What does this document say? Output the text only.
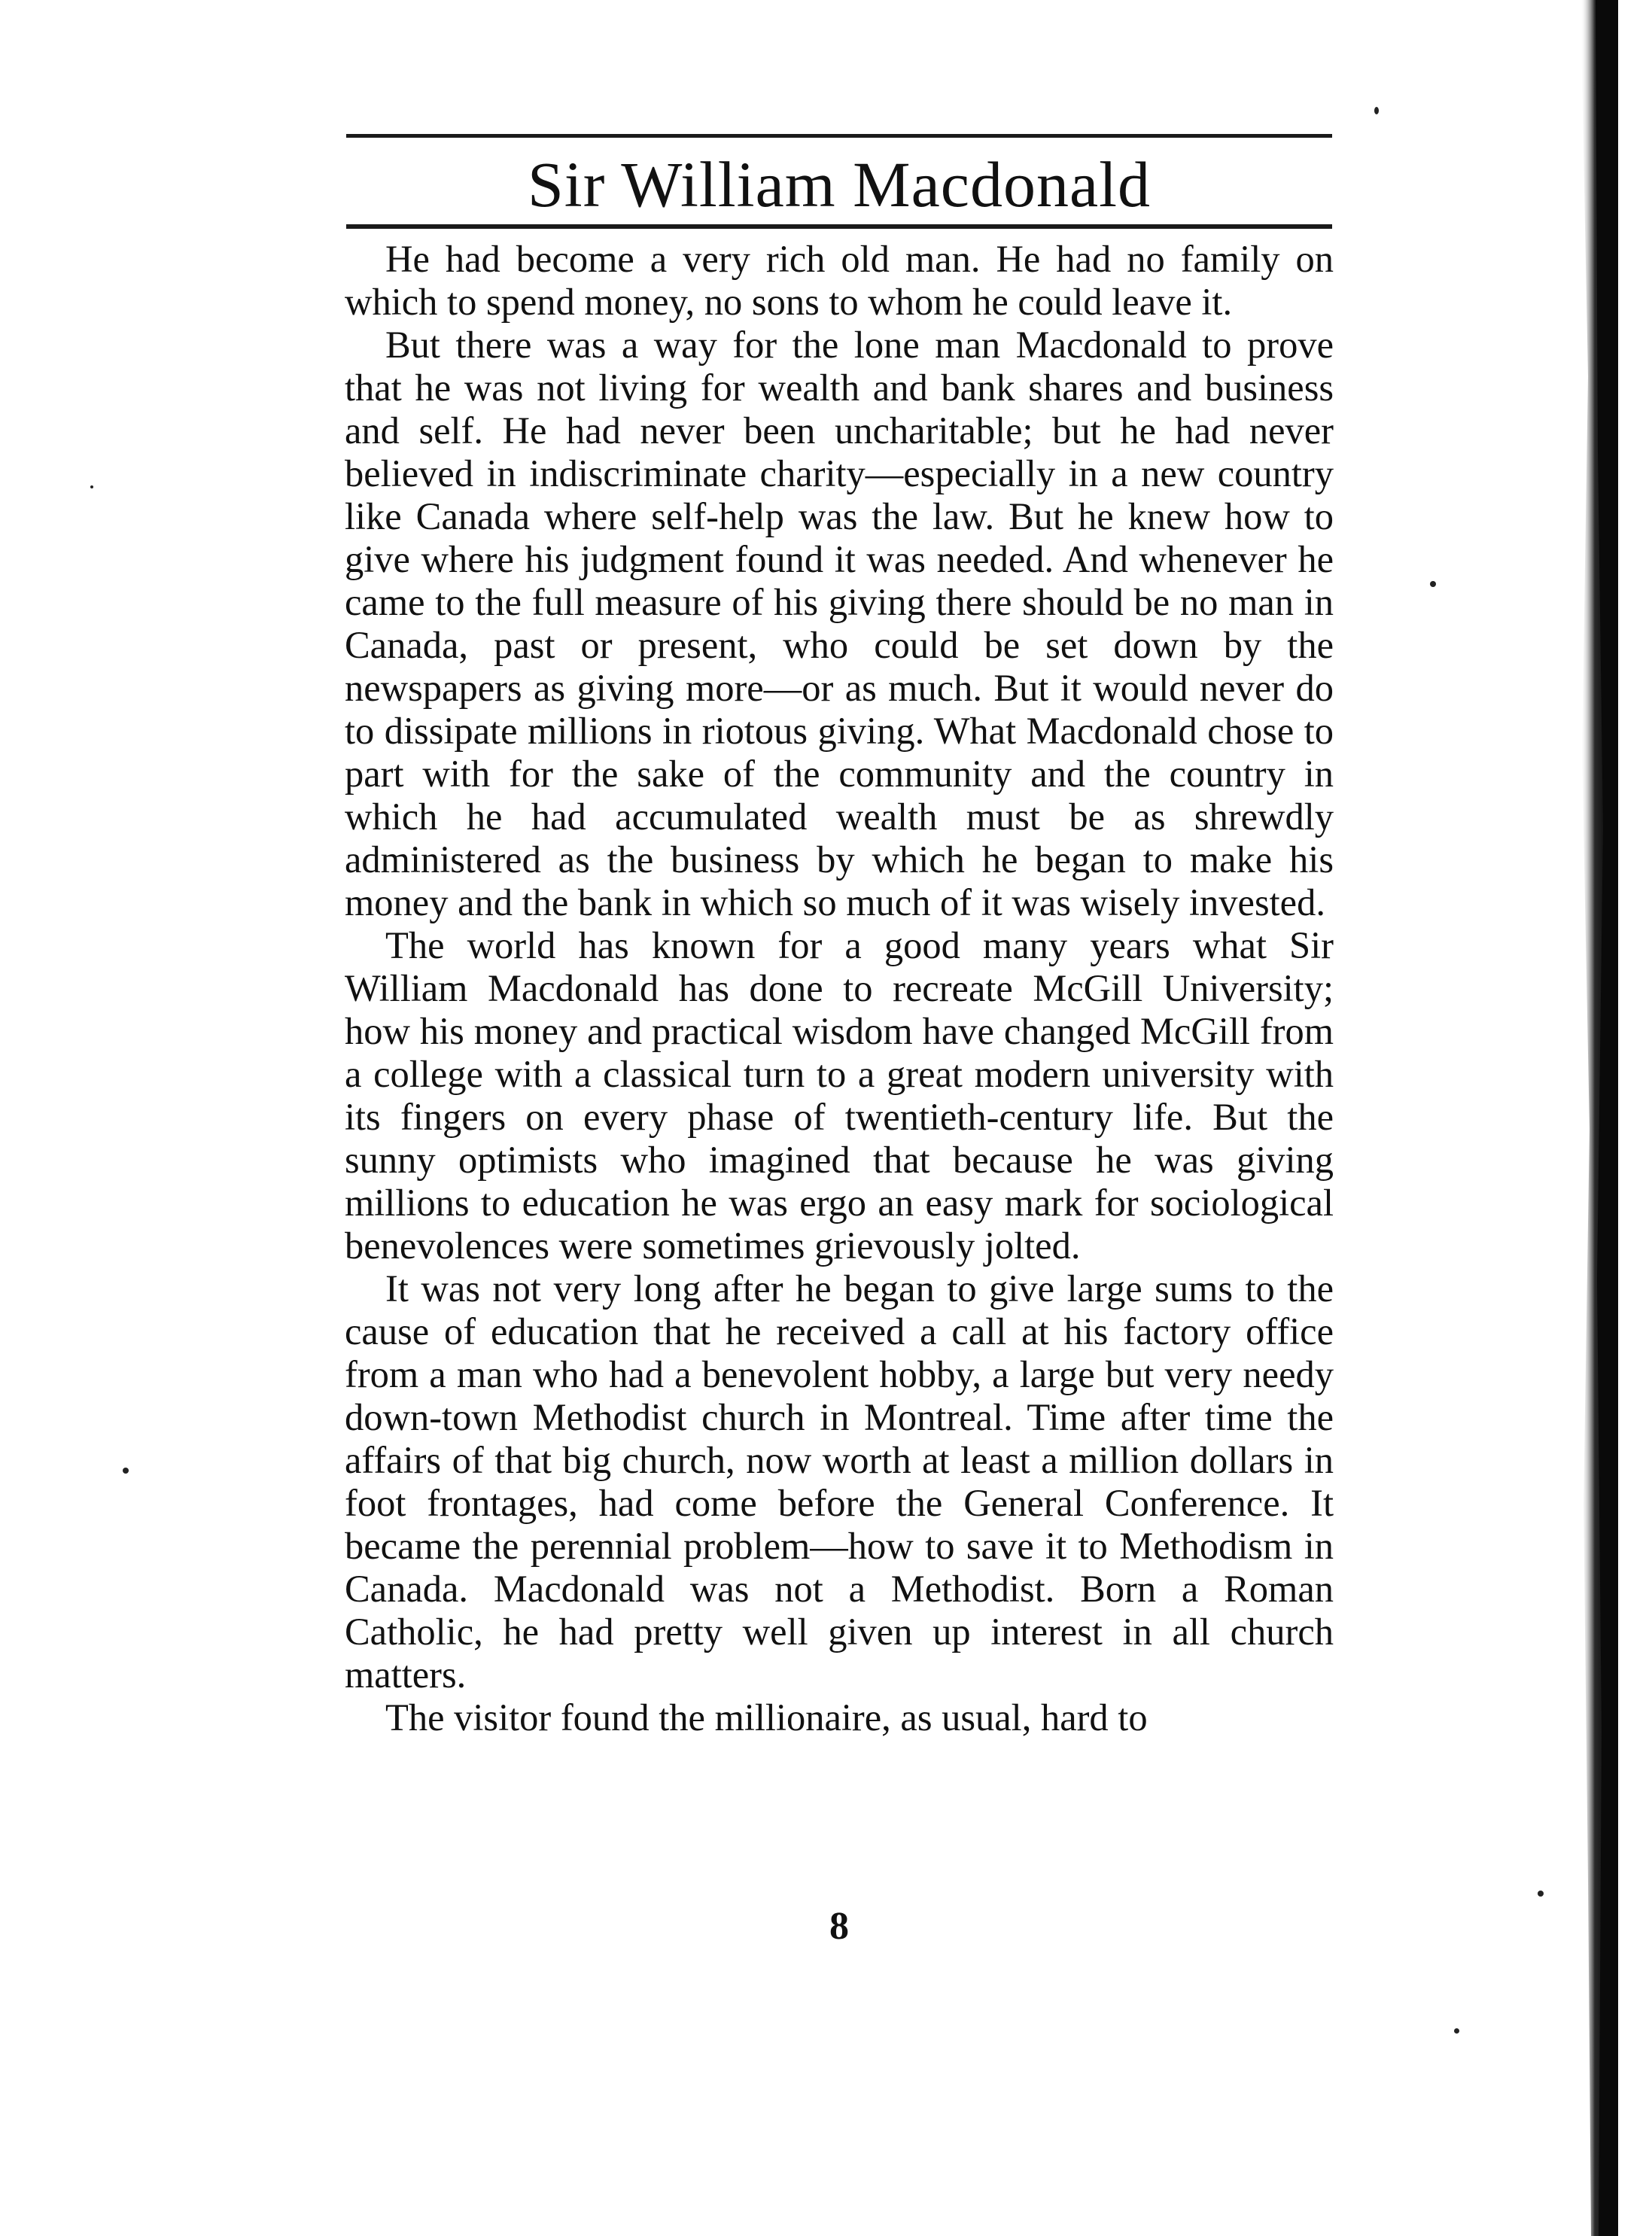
Sir William Macdonald

He had become a very rich old man. He had no family on which to spend money, no sons to whom he could leave it.

But there was a way for the lone man Macdonald to prove that he was not living for wealth and bank shares and business and self. He had never been uncharitable; but he had never believed in indiscriminate charity—especially in a new country like Canada where self-help was the law. But he knew how to give where his judgment found it was needed. And whenever he came to the full measure of his giving there should be no man in Canada, past or present, who could be set down by the newspapers as giving more—or as much. But it would never do to dissipate millions in riotous giving. What Macdonald chose to part with for the sake of the community and the country in which he had accumulated wealth must be as shrewdly administered as the business by which he began to make his money and the bank in which so much of it was wisely invested.

The world has known for a good many years what Sir William Macdonald has done to recreate McGill University; how his money and practical wisdom have changed McGill from a college with a classical turn to a great modern university with its fingers on every phase of twentieth-century life. But the sunny optimists who imagined that because he was giving millions to education he was ergo an easy mark for sociological benevolences were sometimes grievously jolted.

It was not very long after he began to give large sums to the cause of education that he received a call at his factory office from a man who had a benevolent hobby, a large but very needy down-town Methodist church in Montreal. Time after time the affairs of that big church, now worth at least a million dollars in foot frontages, had come before the General Conference. It became the perennial problem—how to save it to Methodism in Canada. Macdonald was not a Methodist. Born a Roman Catholic, he had pretty well given up interest in all church matters.

The visitor found the millionaire, as usual, hard to

8
